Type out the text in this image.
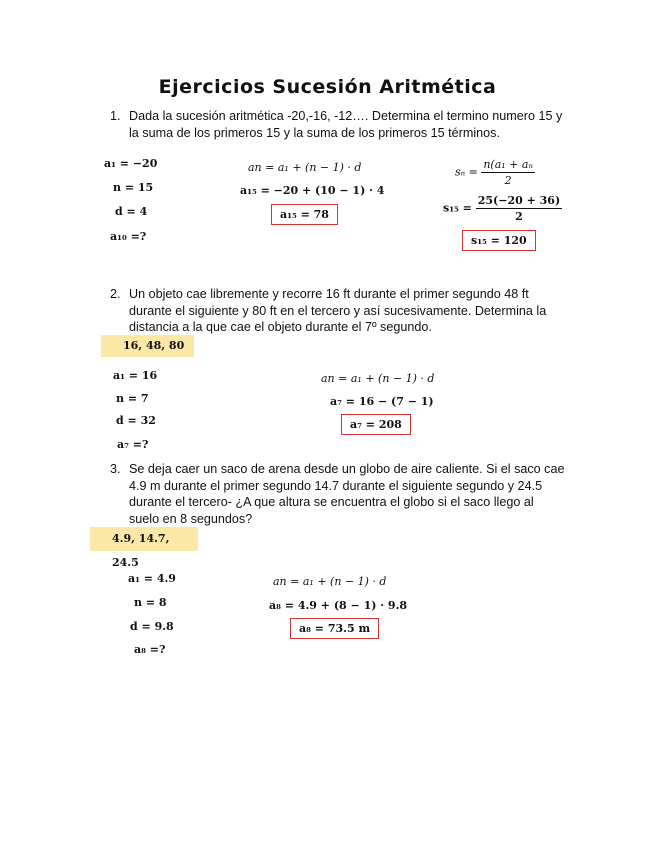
Ejercicios Sucesión Aritmética
1. Dada la sucesión aritmética -20,-16, -12…. Determina el termino numero 15 y la suma de los primeros 15 y la suma de los primeros 15 términos.
a₁ = −20
n = 15
d = 4
a₁₀ =?
an = a₁ + (n − 1) · d
a₁₅ = −20 + (10 − 1) · 4
a₁₅ = 78
$s_n = \frac{\text{n(a₁ + aₙ}}{2}$
$s_{15} = \frac{25(-20 + 36)}{2}$
s₁₅ = 120
2. Un objeto cae libremente y recorre 16 ft durante el primer segundo 48 ft durante el siguiente y 80 ft en el tercero y así sucesivamente. Determina la distancia a la que cae el objeto durante el 7º segundo.
16, 48, 80
a₁ = 16
n = 7
d = 32
a₇ =?
an = a₁ + (n − 1) · d
a₇ = 16 − (7 − 1)
a₇ = 208
3. Se deja caer un saco de arena desde un globo de aire caliente. Si el saco cae 4.9 m durante el primer segundo 14.7 durante el siguiente segundo y 24.5 durante el tercero- ¿A que altura se encuentra el globo si el saco llego al suelo en 8 segundos?
4.9, 14.7, 24.5
a₁ = 4.9
n = 8
d = 9.8
a₈ =?
an = a₁ + (n − 1) · d
a₈ = 4.9 + (8 − 1) · 9.8
a₈ = 73.5 m
